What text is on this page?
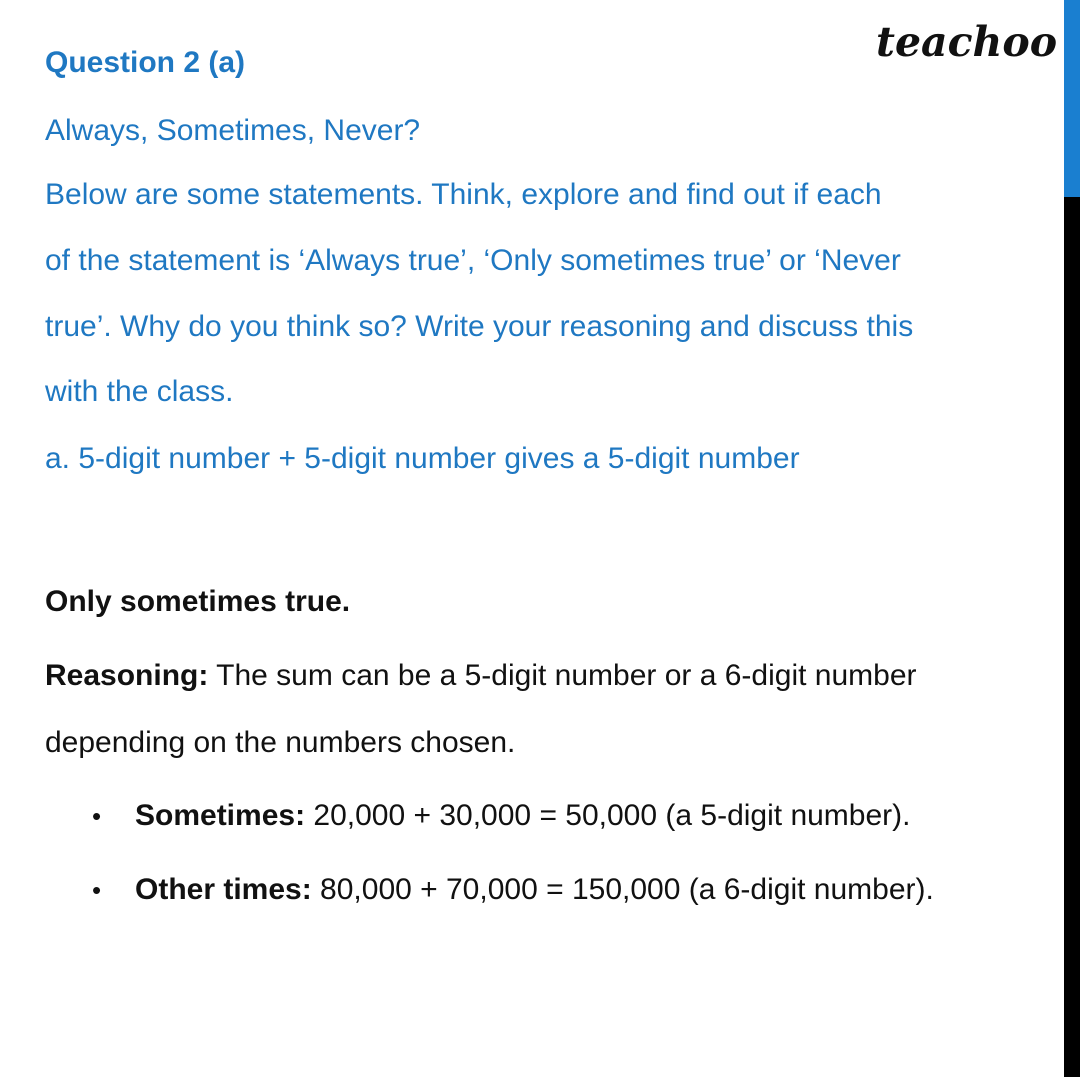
teachoo
Question 2 (a)
Always, Sometimes, Never?
Below are some statements. Think, explore and find out if each
of the statement is ‘Always true’, ‘Only sometimes true’ or ‘Never
true’. Why do you think so? Write your reasoning and discuss this
with the class.
a. 5-digit number + 5-digit number gives a 5-digit number
Only sometimes true.
Reasoning: The sum can be a 5-digit number or a 6-digit number
depending on the numbers chosen.
• Sometimes: 20,000 + 30,000 = 50,000 (a 5-digit number).
• Other times: 80,000 + 70,000 = 150,000 (a 6-digit number).
